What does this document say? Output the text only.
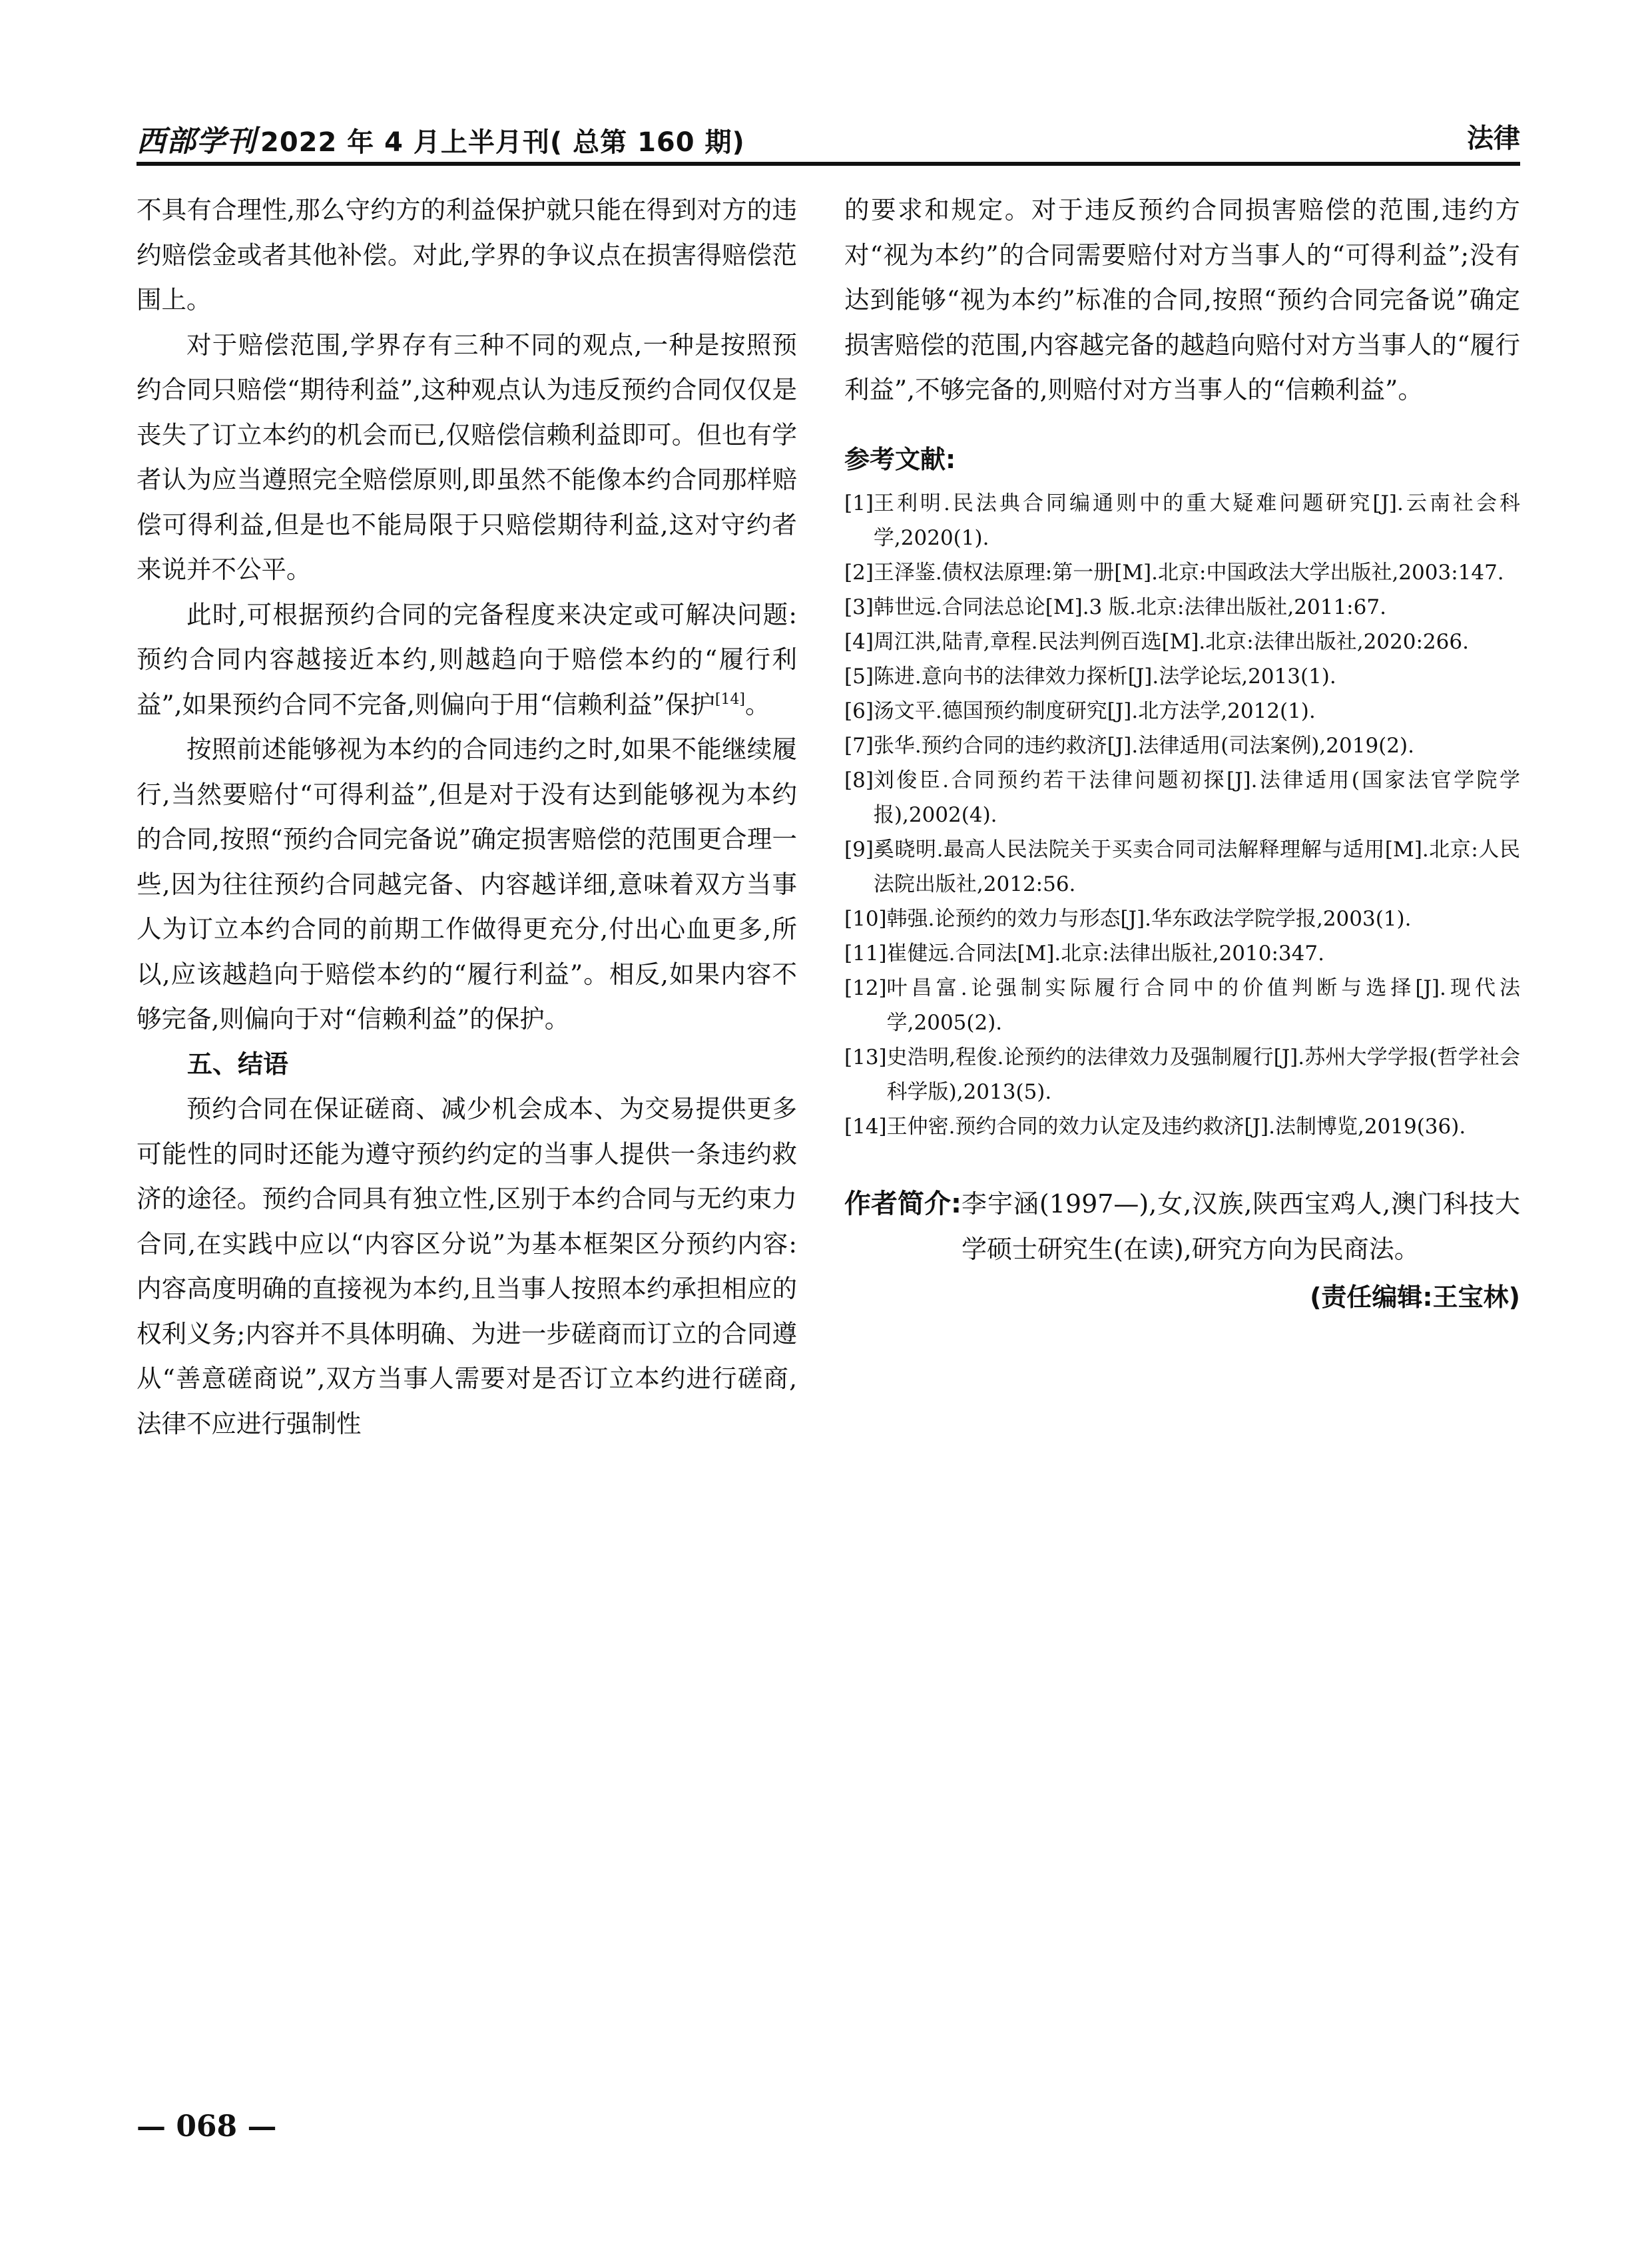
西部学刊 2022 年 4 月上半月刊( 总第 160 期)	法律

不具有合理性,那么守约方的利益保护就只能在得到对方的违约赔偿金或者其他补偿。对此,学界的争议点在损害得赔偿范围上。

对于赔偿范围,学界存有三种不同的观点,一种是按照预约合同只赔偿“期待利益”,这种观点认为违反预约合同仅仅是丧失了订立本约的机会而已,仅赔偿信赖利益即可。但也有学者认为应当遵照完全赔偿原则,即虽然不能像本约合同那样赔偿可得利益,但是也不能局限于只赔偿期待利益,这对守约者来说并不公平。

此时,可根据预约合同的完备程度来决定或可解决问题:预约合同内容越接近本约,则越趋向于赔偿本约的“履行利益”,如果预约合同不完备,则偏向于用“信赖利益”保护[14]。

按照前述能够视为本约的合同违约之时,如果不能继续履行,当然要赔付“可得利益”,但是对于没有达到能够视为本约的合同,按照“预约合同完备说”确定损害赔偿的范围更合理一些,因为往往预约合同越完备、内容越详细,意味着双方当事人为订立本约合同的前期工作做得更充分,付出心血更多,所以,应该越趋向于赔偿本约的“履行利益”。相反,如果内容不够完备,则偏向于对“信赖利益”的保护。

五、结语

预约合同在保证磋商、减少机会成本、为交易提供更多可能性的同时还能为遵守预约约定的当事人提供一条违约救济的途径。预约合同具有独立性,区别于本约合同与无约束力合同,在实践中应以“内容区分说”为基本框架区分预约内容:内容高度明确的直接视为本约,且当事人按照本约承担相应的权利义务;内容并不具体明确、为进一步磋商而订立的合同遵从“善意磋商说”,双方当事人需要对是否订立本约进行磋商,法律不应进行强制性

的要求和规定。对于违反预约合同损害赔偿的范围,违约方对“视为本约”的合同需要赔付对方当事人的“可得利益”;没有达到能够“视为本约”标准的合同,按照“预约合同完备说”确定损害赔偿的范围,内容越完备的越趋向赔付对方当事人的“履行利益”,不够完备的,则赔付对方当事人的“信赖利益”。

参考文献:
[1] 王利明.民法典合同编通则中的重大疑难问题研究[J].云南社会科学,2020(1).
[2] 王泽鉴.债权法原理:第一册[M].北京:中国政法大学出版社,2003:147.
[3] 韩世远.合同法总论[M].3 版.北京:法律出版社,2011:67.
[4] 周江洪,陆青,章程.民法判例百选[M].北京:法律出版社,2020:266.
[5] 陈进.意向书的法律效力探析[J].法学论坛,2013(1).
[6] 汤文平.德国预约制度研究[J].北方法学,2012(1).
[7] 张华.预约合同的违约救济[J].法律适用(司法案例),2019(2).
[8] 刘俊臣.合同预约若干法律问题初探[J].法律适用(国家法官学院学报),2002(4).
[9] 奚晓明.最高人民法院关于买卖合同司法解释理解与适用[M].北京:人民法院出版社,2012:56.
[10] 韩强.论预约的效力与形态[J].华东政法学院学报,2003(1).
[11] 崔健远.合同法[M].北京:法律出版社,2010:347.
[12] 叶昌富.论强制实际履行合同中的价值判断与选择[J].现代法学,2005(2).
[13] 史浩明,程俊.论预约的法律效力及强制履行[J].苏州大学学报(哲学社会科学版),2013(5).
[14] 王仲密.预约合同的效力认定及违约救济[J].法制博览,2019(36).
作者简介: 李宇涵(1997—),女,汉族,陕西宝鸡人,澳门科技大学硕士研究生(在读),研究方向为民商法。
(责任编辑:王宝林)
— 068 —
